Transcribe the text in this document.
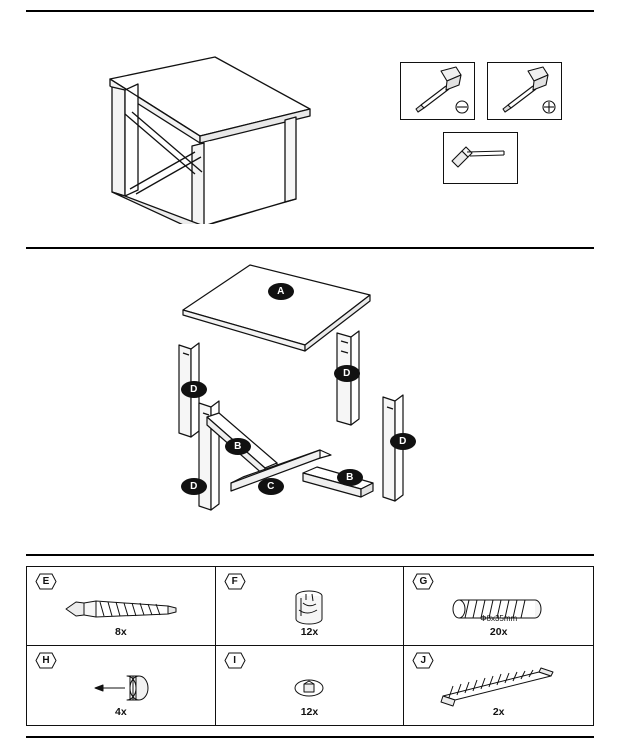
A
D
D
D
D
B
B
C
E
8x
F
12x
G
Φ8x35mm
20x
H
4x
I
12x
J
2x
